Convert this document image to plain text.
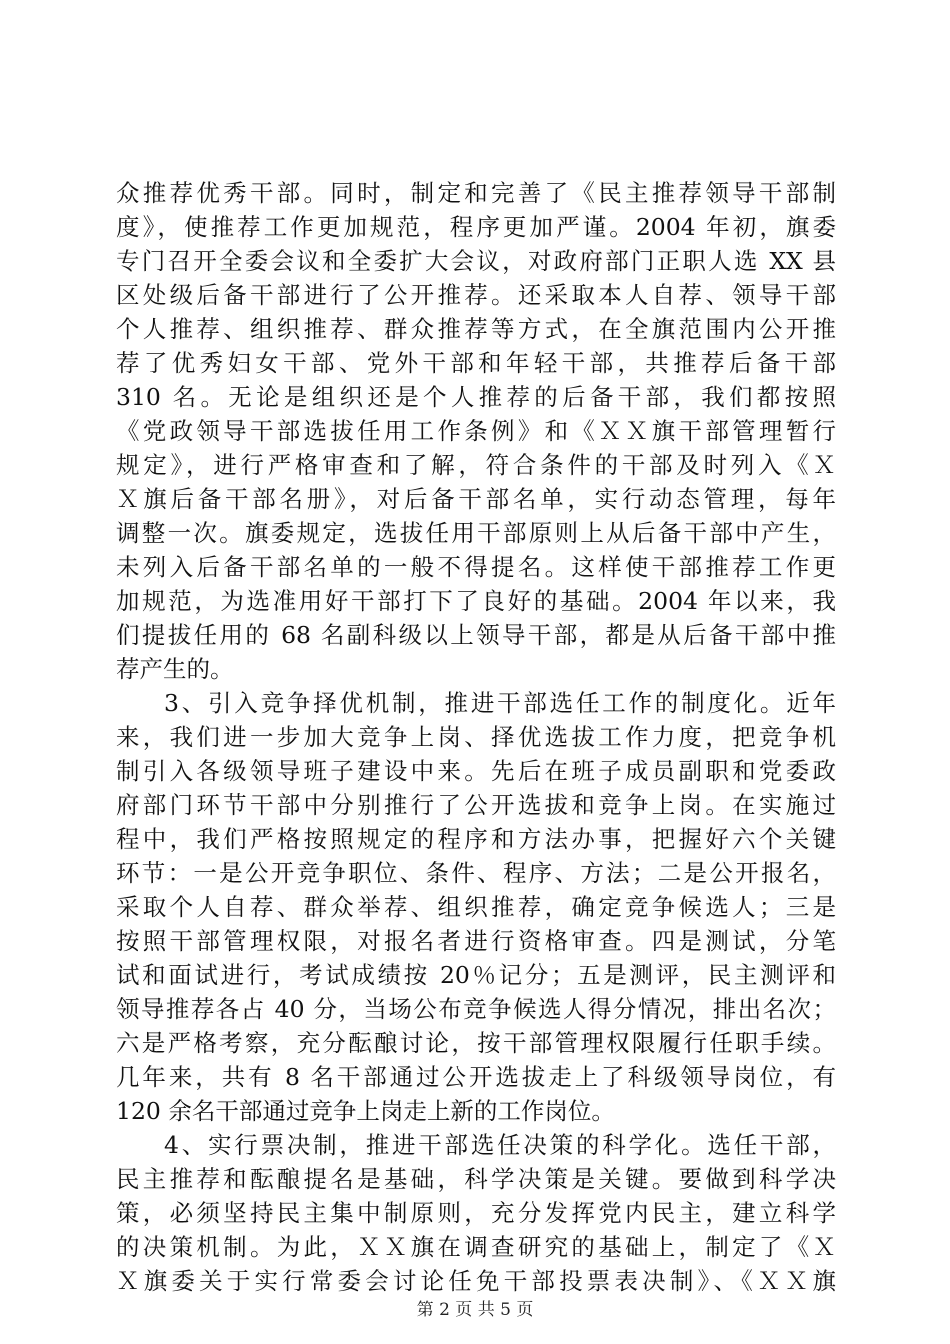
众推荐优秀干部。同时，制定和完善了《民主推荐领导干部制
度》，使推荐工作更加规范，程序更加严谨。2004 年初，旗委
专门召开全委会议和全委扩大会议，对政府部门正职人选 XX 县
区处级后备干部进行了公开推荐。还采取本人自荐、领导干部
个人推荐、组织推荐、群众推荐等方式，在全旗范围内公开推
荐了优秀妇女干部、党外干部和年轻干部，共推荐后备干部
310 名。无论是组织还是个人推荐的后备干部，我们都按照
《党政领导干部选拔任用工作条例》和《ＸＸ旗干部管理暂行
规定》，进行严格审查和了解，符合条件的干部及时列入《Ｘ
Ｘ旗后备干部名册》，对后备干部名单，实行动态管理，每年
调整一次。旗委规定，选拔任用干部原则上从后备干部中产生，
未列入后备干部名单的一般不得提名。这样使干部推荐工作更
加规范，为选准用好干部打下了良好的基础。2004 年以来，我
们提拔任用的 68 名副科级以上领导干部，都是从后备干部中推
荐产生的。
3、引入竞争择优机制，推进干部选任工作的制度化。近年
来，我们进一步加大竞争上岗、择优选拔工作力度，把竞争机
制引入各级领导班子建设中来。先后在班子成员副职和党委政
府部门环节干部中分别推行了公开选拔和竞争上岗。在实施过
程中，我们严格按照规定的程序和方法办事，把握好六个关键
环节：一是公开竞争职位、条件、程序、方法；二是公开报名，
采取个人自荐、群众举荐、组织推荐，确定竞争候选人；三是
按照干部管理权限，对报名者进行资格审查。四是测试，分笔
试和面试进行，考试成绩按 20％记分；五是测评，民主测评和
领导推荐各占 40 分，当场公布竞争候选人得分情况，排出名次；
六是严格考察，充分酝酿讨论，按干部管理权限履行任职手续。
几年来，共有 8 名干部通过公开选拔走上了科级领导岗位，有
120 余名干部通过竞争上岗走上新的工作岗位。
4、实行票决制，推进干部选任决策的科学化。选任干部，
民主推荐和酝酿提名是基础，科学决策是关键。要做到科学决
策，必须坚持民主集中制原则，充分发挥党内民主，建立科学
的决策机制。为此，ＸＸ旗在调查研究的基础上，制定了《Ｘ
Ｘ旗委关于实行常委会讨论任免干部投票表决制》、《ＸＸ旗
第 2 页 共 5 页
